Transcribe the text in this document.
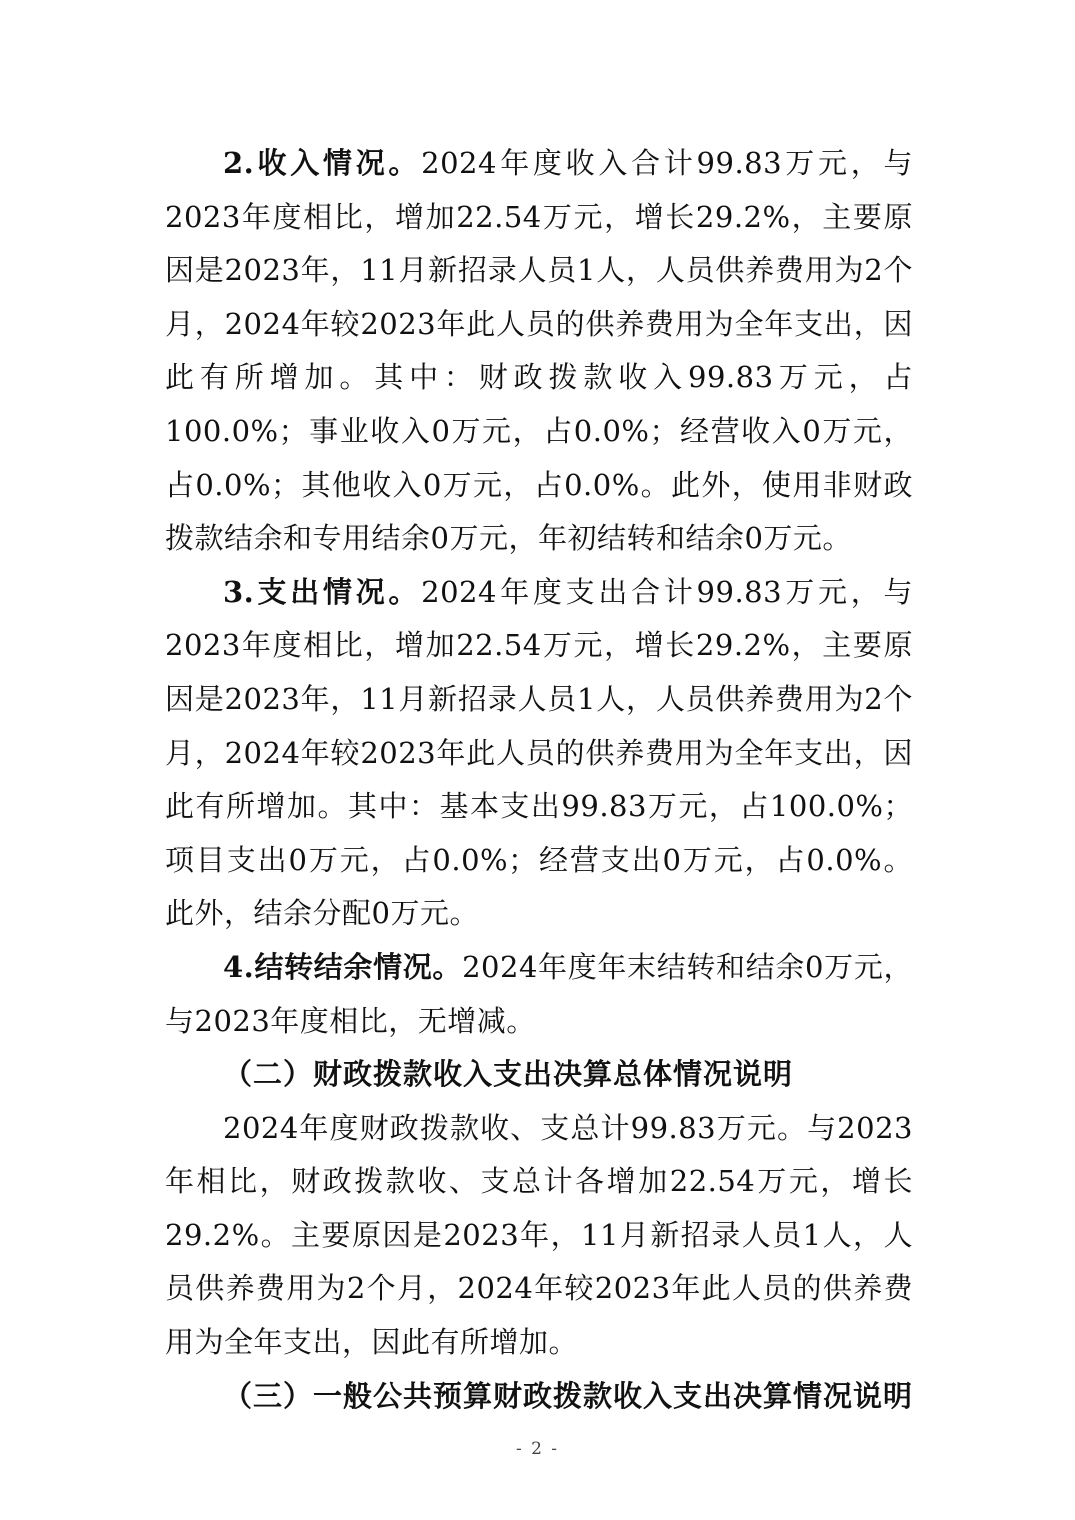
2.收入情况。2024年度收入合计99.83万元，与2023年度相比，增加22.54万元，增长29.2%，主要原因是2023年，11月新招录人员1人，人员供养费用为2个月，2024年较2023年此人员的供养费用为全年支出，因此有所增加。其中：财政拨款收入99.83万元，占100.0%；事业收入0万元，占0.0%；经营收入0万元，占0.0%；其他收入0万元，占0.0%。此外，使用非财政拨款结余和专用结余0万元，年初结转和结余0万元。

3.支出情况。2024年度支出合计99.83万元，与2023年度相比，增加22.54万元，增长29.2%，主要原因是2023年，11月新招录人员1人，人员供养费用为2个月，2024年较2023年此人员的供养费用为全年支出，因此有所增加。其中：基本支出99.83万元，占100.0%；项目支出0万元，占0.0%；经营支出0万元，占0.0%。此外，结余分配0万元。

4.结转结余情况。2024年度年末结转和结余0万元，与2023年度相比，无增减。

（二）财政拨款收入支出决算总体情况说明

2024年度财政拨款收、支总计99.83万元。与2023年相比，财政拨款收、支总计各增加22.54万元，增长29.2%。主要原因是2023年，11月新招录人员1人，人员供养费用为2个月，2024年较2023年此人员的供养费用为全年支出，因此有所增加。

（三）一般公共预算财政拨款收入支出决算情况说明

- 2 -
